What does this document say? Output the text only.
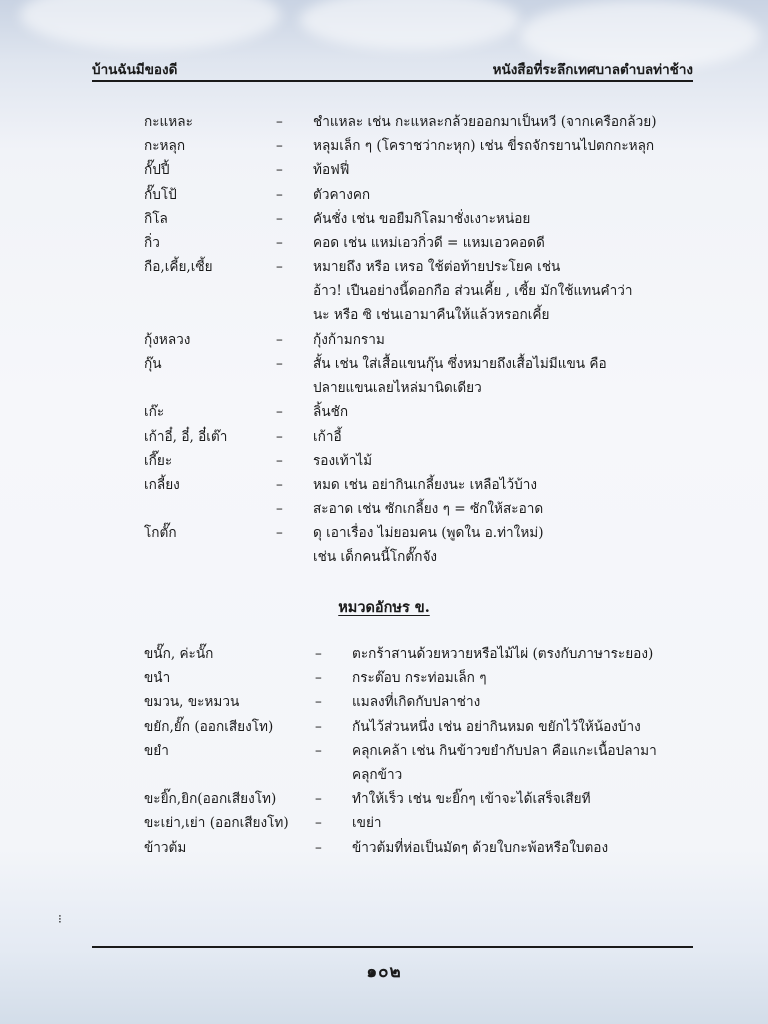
บ้านฉันมีของดี	หนังสือที่ระลึกเทศบาลตำบลท่าช้าง
กะแหละ	– ชำแหละ เช่น กะแหละกล้วยออกมาเป็นหวี (จากเครือกล้วย)
กะหลุก	– หลุมเล็ก ๆ (โคราชว่ากะหุก) เช่น ขี่รถจักรยานไปตกกะหลุก
กั๊ปปี้	– ท้อฟฟี่
กั๊บโป้	– ตัวคางคก
กิโล	– คันชั่ง เช่น ขอยืมกิโลมาชั่งเงาะหน่อย
กิ่ว	– คอด เช่น แหม่เอวกิ่วดี = แหมเอวคอดดี
กือ,เคี้ย,เซี้ย	– หมายถึง หรือ เหรอ ใช้ต่อท้ายประโยค เช่น
อ้าว! เปืนอย่างนี้ดอกกือ ส่วนเคี้ย , เซี้ย มักใช้แทนคำว่า
นะ หรือ ซิ เช่นเอามาคืนให้แล้วหรอกเคี้ย
กุ้งหลวง	– กุ้งก้ามกราม
กุ๊น	– สั้น เช่น ใส่เสื้อแขนกุ๊น ซึ่งหมายถึงเสื้อไม่มีแขน คือ
ปลายแขนเลยไหล่มานิดเดียว
เก๊ะ	– ลิ้นชัก
เก้าอี๋, อี๋, อี๋เต๊า	– เก้าอี้
เกี๊ยะ	– รองเท้าไม้
เกลี้ยง	– หมด เช่น อย่ากินเกลี้ยงนะ เหลือไว้บ้าง
– สะอาด เช่น ซักเกลี้ยง ๆ = ซักให้สะอาด
โกตั๊ก	– ดุ เอาเรื่อง ไม่ยอมคน (พูดใน อ.ท่าใหม่)
เช่น เด็กคนนี้โกตั๊กจัง
ขนั๊ก, ค่ะนั๊ก	– ตะกร้าสานด้วยหวายหรือไม้ไผ่ (ตรงกับภาษาระยอง)
ขนำ	– กระต๊อบ กระท่อมเล็ก ๆ
ขมวน, ขะหมวน	– แมลงที่เกิดกับปลาช่าง
ขยัก,ยั๊ก (ออกเสียงโท)	– กันไว้ส่วนหนึ่ง เช่น อย่ากินหมด ขยักไว้ให้น้องบ้าง
ขยำ	– คลุกเคล้า เช่น กินข้าวขยำกับปลา คือแกะเนื้อปลามา
คลุกข้าว
ขะยิ๊ก,ยิก(ออกเสียงโท)	– ทำให้เร็ว เช่น ขะยิ๊กๆ เข้าจะได้เสร็จเสียที
ขะเย่า,เย่า (ออกเสียงโท) – เขย่า
ข้าวต้ม	– ข้าวต้มที่ห่อเป็นมัดๆ ด้วยใบกะพ้อหรือใบตอง
หมวดอักษร ข.
๑๐๒
⁝
